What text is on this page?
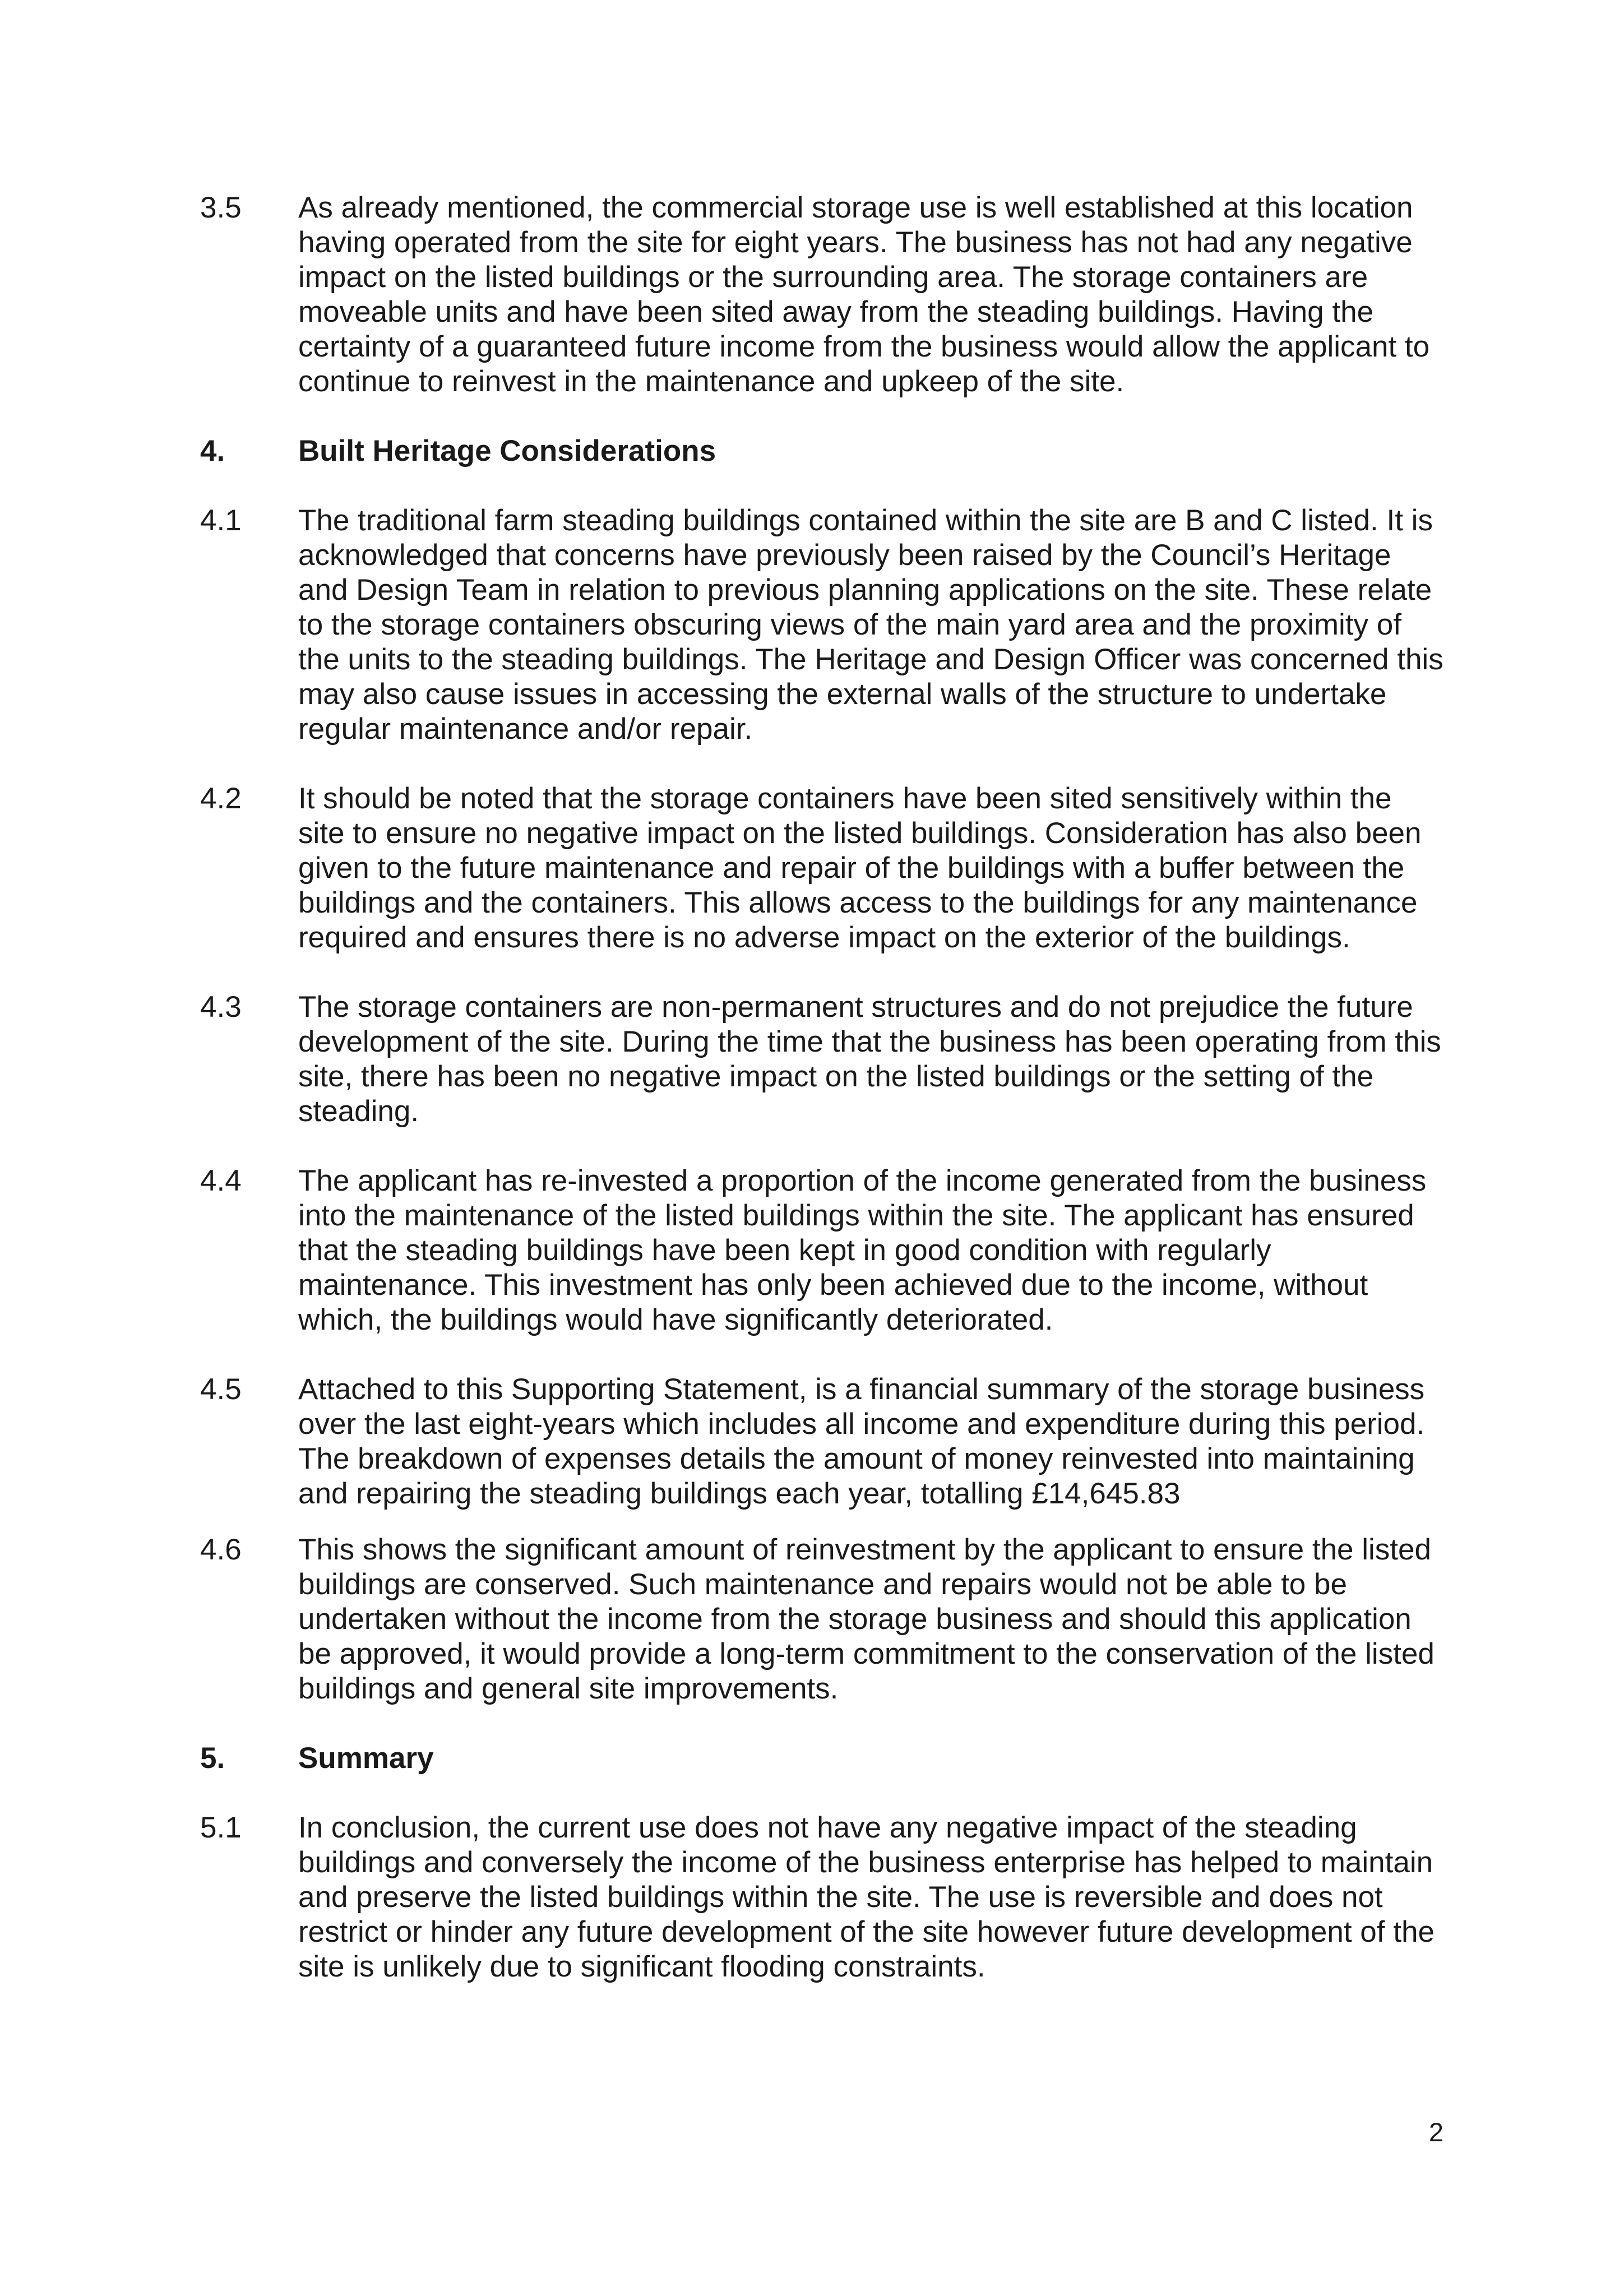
3.5	As already mentioned, the commercial storage use is well established at this location having operated from the site for eight years. The business has not had any negative impact on the listed buildings or the surrounding area. The storage containers are moveable units and have been sited away from the steading buildings. Having the certainty of a guaranteed future income from the business would allow the applicant to continue to reinvest in the maintenance and upkeep of the site.
4.	Built Heritage Considerations
4.1	The traditional farm steading buildings contained within the site are B and C listed. It is acknowledged that concerns have previously been raised by the Council’s Heritage and Design Team in relation to previous planning applications on the site. These relate to the storage containers obscuring views of the main yard area and the proximity of the units to the steading buildings. The Heritage and Design Officer was concerned this may also cause issues in accessing the external walls of the structure to undertake regular maintenance and/or repair.
4.2	It should be noted that the storage containers have been sited sensitively within the site to ensure no negative impact on the listed buildings. Consideration has also been given to the future maintenance and repair of the buildings with a buffer between the buildings and the containers. This allows access to the buildings for any maintenance required and ensures there is no adverse impact on the exterior of the buildings.
4.3	The storage containers are non-permanent structures and do not prejudice the future development of the site. During the time that the business has been operating from this site, there has been no negative impact on the listed buildings or the setting of the steading.
4.4	The applicant has re-invested a proportion of the income generated from the business into the maintenance of the listed buildings within the site. The applicant has ensured that the steading buildings have been kept in good condition with regularly maintenance. This investment has only been achieved due to the income, without which, the buildings would have significantly deteriorated.
4.5	Attached to this Supporting Statement, is a financial summary of the storage business over the last eight-years which includes all income and expenditure during this period. The breakdown of expenses details the amount of money reinvested into maintaining and repairing the steading buildings each year, totalling £14,645.83
4.6	This shows the significant amount of reinvestment by the applicant to ensure the listed buildings are conserved. Such maintenance and repairs would not be able to be undertaken without the income from the storage business and should this application be approved, it would provide a long-term commitment to the conservation of the listed buildings and general site improvements.
5.	Summary
5.1	In conclusion, the current use does not have any negative impact of the steading buildings and conversely the income of the business enterprise has helped to maintain and preserve the listed buildings within the site. The use is reversible and does not restrict or hinder any future development of the site however future development of the site is unlikely due to significant flooding constraints.
2
